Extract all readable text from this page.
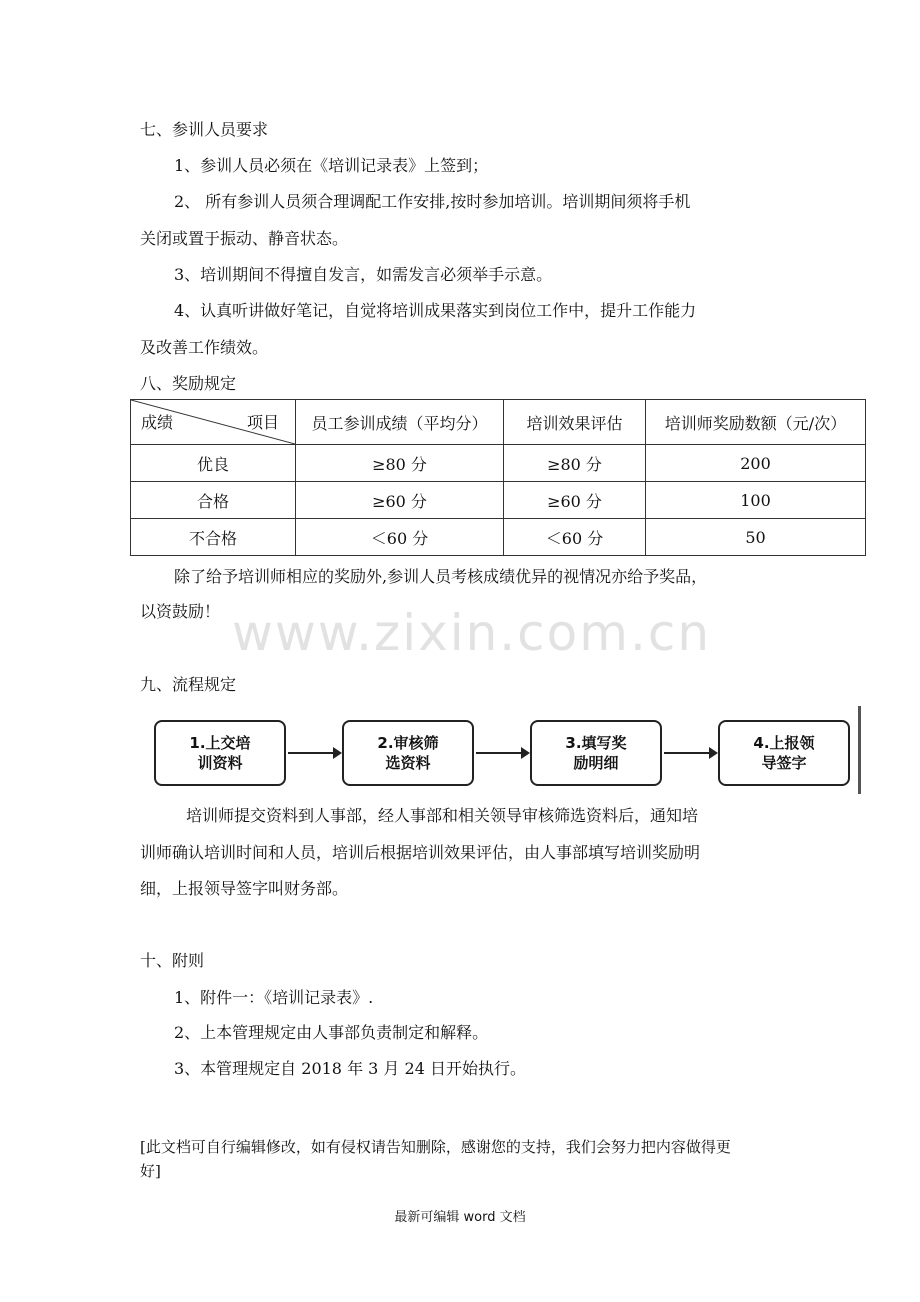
七、参训人员要求
1、参训人员必须在《培训记录表》上签到；
2、 所有参训人员须合理调配工作安排,按时参加培训。培训期间须将手机
关闭或置于振动、静音状态。
3、培训期间不得擅自发言，如需发言必须举手示意。
4、认真听讲做好笔记，自觉将培训成果落实到岗位工作中，提升工作能力
及改善工作绩效。
八、奖励规定
成绩 项目	员工参训成绩（平均分）	培训效果评估	培训师奖励数额（元/次）
优良	≥80 分	≥80 分	200
合格	≥60 分	≥60 分	100
不合格	＜60 分	＜60 分	50
除了给予培训师相应的奖励外,参训人员考核成绩优异的视情况亦给予奖品，
以资鼓励！ www.zixin.com.cn
九、流程规定
1.上交培
训资料
2.审核筛
选资料
3.填写奖
励明细
4.上报领
导签字
培训师提交资料到人事部，经人事部和相关领导审核筛选资料后，通知培
训师确认培训时间和人员，培训后根据培训效果评估，由人事部填写培训奖励明
细，上报领导签字叫财务部。
十、附则
1、附件一：《培训记录表》.
2、上本管理规定由人事部负责制定和解释。
3、本管理规定自 2018 年 3 月 24 日开始执行。
[此文档可自行编辑修改，如有侵权请告知删除，感谢您的支持，我们会努力把内容做得更
好]
最新可编辑 word 文档
